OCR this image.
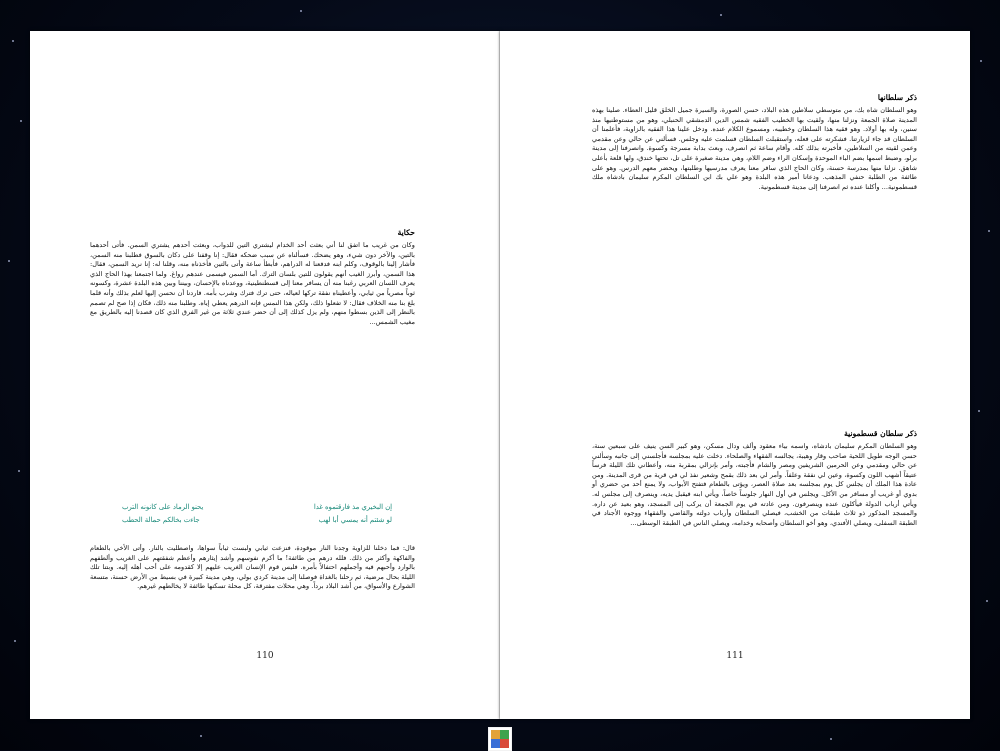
حكاية

وكان من غريب ما اتفق لنا أني بعثت أحد الخدام ليشتري التين للدواب، وبعثت أحدهم يشتري السمن. فأتى أحدهما بالتين، والآخر دون شيء، وهو يضحك. فسألناه عن سبب ضحكه فقال: إنا وقفنا على دكان بالسوق فطلبنا منه السمن، فأشار إلينا بالوقوف، وكلم ابنه فدفعنا له الدراهم، فأبطأ ساعة وأتى بالتين فأخذناه منه، وقلنا له: إنا نريد السمن، فقال: هذا السمن، وأبرز الغيب أنهم يقولون للتين بلسان الترك. أما السمن فيسمى عندهم رواغ. ولما اجتمعنا بهذا الحاج الذي يعرف اللسان العربي رغبنا منه أن يسافر معنا إلى قسطنطينية، ووعدناه بالإحسان، وبيننا وبين هذه البلدة عشرة، وكسونه ثوباً مصرياً من ثيابي، وأعطيناه نفقة تركها لعياله، حتى ترك فترك وشرب بأمه. فاردنا أن نحسن إليها لعلم بذلك وأنه قلما بلغ بنا منه الخلاف فقال: لا تفعلوا ذلك، ولكن هذا النمس فإنه الدرهم يعطي إياه. وطلبنا منه ذلك، فكان إذا صح لم تصمم بالنظر إلى الذين بسطوا منهم، ولم يزل كذلك إلى أن حضر عندي ثلاثة من غير الفرق الذي كان قصدنا إليه بالطريق مع مغيب الشمس...

إن البخيري مذ فارقتموه غدا
يحنو الرماد على كانونه الترب
لو شئتم أنه يمسي أبا لهب
جاءت بخالكم حمالة الحطب

قال: فما دخلنا للزاوية وجدنا النار موقودة، فنزعت ثيابي ولبست ثياباً سواها، واصطليت بالنار. وأتى الأخي بالطعام والفاكهة وأكثر من ذلك. فلله درهم من طائفة! ما أكرم نفوسهم وأشد إيثارهم وأعظم شفقتهم على الغريب وألطفهم بالوارد وأحبهم فيه وأجملهم احتفالاً بأمره. فليس قوم الإنسان الغريب عليهم إلا كقدومه على أحب أهله إليه. وبتنا تلك الليلة بحال مرضية، ثم رحلنا بالغداة فوصلنا إلى مدينة كردي بولي، وهي مدينة كبيرة في بسيط من الأرض حسنة، متسعة الشوارع والأسواق، من أشد البلاد برداً. وهي محلات مفترقة، كل محلة تسكنها طائفة لا يخالطهم غيرهم.

110

ذكر سلطانها

وهو السلطان شاه بك، من متوسطي سلاطين هذه البلاد، حسن الصورة، والسيرة جميل الخلق قليل العطاء. صلينا بهذه المدينة صلاة الجمعة ونزلنا منها، ولقيت بها الخطيب الفقيه شمس الدين الدمشقي الحنبلي، وهو من مستوطنيها منذ سنين، وله بها أولاد. وهو فقيه هذا السلطان وخطيبه، ومسموع الكلام عنده. ودخل علينا هذا الفقيه بالزاوية، فأعلمنا أن السلطان قد جاء لزيارتنا. فشكرته على فعله، واستقبلت السلطان فسلمت عليه وجلس. فسألني عن حالي وعن مقدمي وعمن لقيته من السلاطين، فأخبرته بذلك كله. وأقام ساعة ثم انصرف، وبعث بدابة مسرجة وكسوة. وانصرفنا إلى مدينة برلو، وضبط اسمها بضم الباء الموحدة وإسكان الراء وضم اللام، وهي مدينة صغيرة على تل، تحتها خندق، ولها قلعة بأعلى شاهق. نزلنا منها بمدرسة حسنة، وكان الحاج الذي سافر معنا يعرف مدرسيها وطلبتها، ويحضر معهم الدرس. وهو على طائفة من الطلبة حنفي المذهب. ودعانا أمير هذه البلدة وهو علي بك ابن السلطان المكرم سليمان بادشاه ملك قسطمونية... وأكلنا عنده ثم انصرفنا إلى مدينة قسطمونية.

ذكر سلطان قسطمونية

وهو السلطان المكرم سليمان بادشاه، واسمه بياء معقود وألف ودال مسكن، وهو كبير السن ينيف على سبعين سنة، حسن الوجه طويل اللحية صاحب وقار وهيبة، يجالسه الفقهاء والصلحاء. دخلت عليه بمجلسه فأجلسني إلى جانبه وسألني عن حالي ومقدمي وعن الحرمين الشريفين ومصر والشام فأجبته، وأمر بإنزالي بمقربة منه، وأعطاني تلك الليلة فرساً عتيقاً أشهب اللون وكسوة، وعين لي نفقة وعلفاً. وأمر لي بعد ذلك بقمح وشعير نفذ لي في قرية من قرى المدينة. ومن عادة هذا الملك أن يجلس كل يوم بمجلسه بعد صلاة العصر، ويؤتى بالطعام فتفتح الأبواب، ولا يمنع أحد من حضري أو بدوي أو غريب أو مسافر من الأكل. ويجلس في أول النهار جلوساً خاصاً، ويأتي ابنه فيقبل يديه، وينصرف إلى مجلس له. ويأتي أرباب الدولة فيأكلون عنده وينصرفون. ومن عادته في يوم الجمعة أن يركب إلى المسجد، وهو بعيد عن داره. والمسجد المذكور ذو ثلاث طبقات من الخشب، فيصلي السلطان وأرباب دولته والقاضي والفقهاء ووجوه الأجناد في الطبقة السفلى، ويصلي الأفندي، وهو أخو السلطان وأصحابه وخدامه، ويصلي الناس في الطبقة الوسطى...

111
